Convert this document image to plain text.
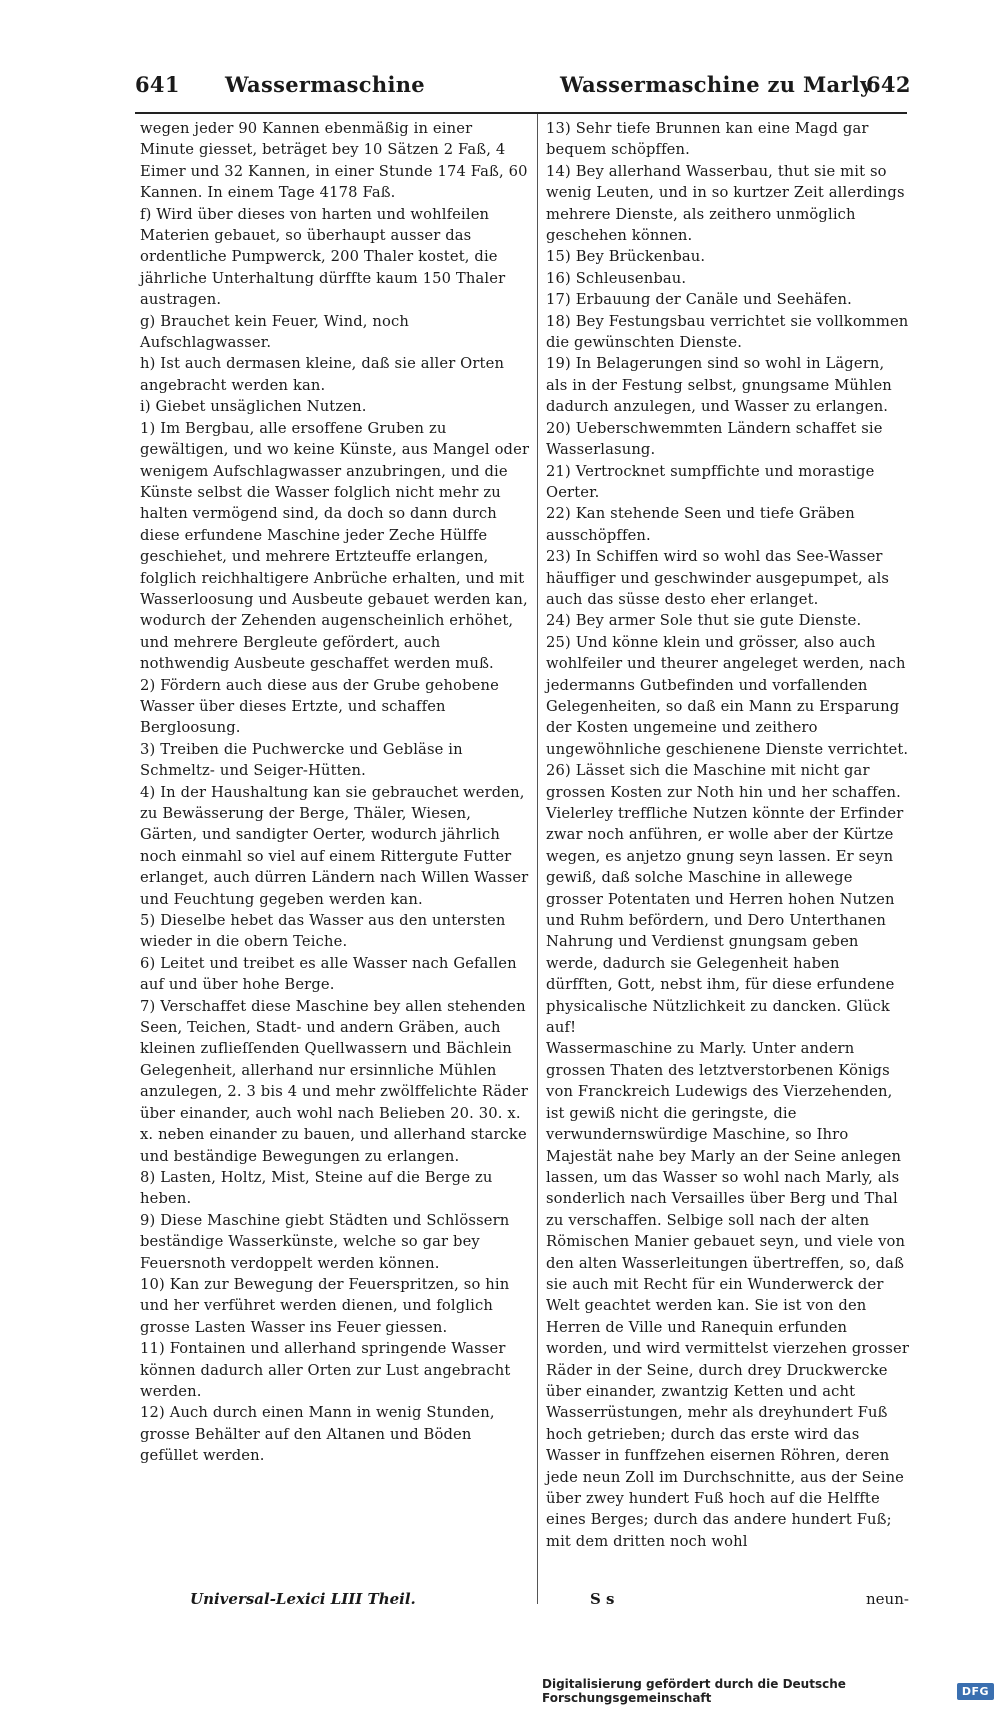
641 Wassermaschine	Wassermaschine zu Marly
642

wegen jeder 90 Kannen ebenmäßig in einer Minute giesset, beträget bey 10 Sätzen 2 Faß, 4 Eimer und 32 Kannen, in einer Stunde 174 Faß, 60 Kannen. In einem Tage 4178 Faß.

f) Wird über dieses von harten und wohlfeilen Materien gebauet, so überhaupt ausser das ordentliche Pumpwerck, 200 Thaler kostet, die jährliche Unterhaltung dürffte kaum 150 Thaler austragen.

g) Brauchet kein Feuer, Wind, noch Aufschlagwasser.

h) Ist auch dermasen kleine, daß sie aller Orten angebracht werden kan.

i) Giebet unsäglichen Nutzen.

1) Im Bergbau, alle ersoffene Gruben zu gewältigen, und wo keine Künste, aus Mangel oder wenigem Aufschlagwasser anzubringen, und die Künste selbst die Wasser folglich nicht mehr zu halten vermögend sind, da doch so dann durch diese erfundene Maschine jeder Zeche Hülffe geschiehet, und mehrere Ertzteuffe erlangen, folglich reichhaltigere Anbrüche erhalten, und mit Wasserloosung und Ausbeute gebauet werden kan, wodurch der Zehenden augenscheinlich erhöhet, und mehrere Bergleute gefördert, auch nothwendig Ausbeute geschaffet werden muß.

2) Fördern auch diese aus der Grube gehobene Wasser über dieses Ertzte, und schaffen Bergloosung.

3) Treiben die Puchwercke und Gebläse in Schmeltz- und Seiger-Hütten.

4) In der Haushaltung kan sie gebrauchet werden, zu Bewässerung der Berge, Thäler, Wiesen, Gärten, und sandigter Oerter, wodurch jährlich noch einmahl so viel auf einem Rittergute Futter erlanget, auch dürren Ländern nach Willen Wasser und Feuchtung gegeben werden kan.

5) Dieselbe hebet das Wasser aus den untersten wieder in die obern Teiche.

6) Leitet und treibet es alle Wasser nach Gefallen auf und über hohe Berge.

7) Verschaffet diese Maschine bey allen stehenden Seen, Teichen, Stadt- und andern Gräben, auch kleinen zuflieſſenden Quellwassern und Bächlein Gelegenheit, allerhand nur ersinnliche Mühlen anzulegen, 2. 3 bis 4 und mehr zwölffelichte Räder über einander, auch wohl nach Belieben 20. 30. x. x. neben einander zu bauen, und allerhand starcke und beständige Bewegungen zu erlangen.

8) Lasten, Holtz, Mist, Steine auf die Berge zu heben.

9) Diese Maschine giebt Städten und Schlössern beständige Wasserkünste, welche so gar bey Feuersnoth verdoppelt werden können.

10) Kan zur Bewegung der Feuerspritzen, so hin und her verführet werden dienen, und folglich grosse Lasten Wasser ins Feuer giessen.

11) Fontainen und allerhand springende Wasser können dadurch aller Orten zur Lust angebracht werden.

12) Auch durch einen Mann in wenig Stunden, grosse Behälter auf den Altanen und Böden gefüllet werden.

13) Sehr tiefe Brunnen kan eine Magd gar bequem schöpffen.

14) Bey allerhand Wasserbau, thut sie mit so wenig Leuten, und in so kurtzer Zeit allerdings mehrere Dienste, als zeithero unmöglich geschehen können.

15) Bey Brückenbau.

16) Schleusenbau.

17) Erbauung der Canäle und Seehäfen.

18) Bey Festungsbau verrichtet sie vollkommen die gewünschten Dienste.

19) In Belagerungen sind so wohl in Lägern, als in der Festung selbst, gnungsame Mühlen dadurch anzulegen, und Wasser zu erlangen.

20) Ueberschwemmten Ländern schaffet sie Wasserlasung.

21) Vertrocknet sumpffichte und morastige Oerter.

22) Kan stehende Seen und tiefe Gräben ausschöpffen.

23) In Schiffen wird so wohl das See-Wasser häuffiger und geschwinder ausgepumpet, als auch das süsse desto eher erlanget.

24) Bey armer Sole thut sie gute Dienste.

25) Und könne klein und grösser, also auch wohlfeiler und theurer angeleget werden, nach jedermanns Gutbefinden und vorfallenden Gelegenheiten, so daß ein Mann zu Ersparung der Kosten ungemeine und zeithero ungewöhnliche geschienene Dienste verrichtet.

26) Lässet sich die Maschine mit nicht gar grossen Kosten zur Noth hin und her schaffen. Vielerley treffliche Nutzen könnte der Erfinder zwar noch anführen, er wolle aber der Kürtze wegen, es anjetzo gnung seyn lassen. Er seyn gewiß, daß solche Maschine in allewege grosser Potentaten und Herren hohen Nutzen und Ruhm befördern, und Dero Unterthanen Nahrung und Verdienst gnungsam geben werde, dadurch sie Gelegenheit haben dürfften, Gott, nebst ihm, für diese erfundene physicalische Nützlichkeit zu dancken. Glück auf!

Wassermaschine zu Marly. Unter andern grossen Thaten des letztverstorbenen Königs von Franckreich Ludewigs des Vierzehenden, ist gewiß nicht die geringste, die verwundernswürdige Maschine, so Ihro Majestät nahe bey Marly an der Seine anlegen lassen, um das Wasser so wohl nach Marly, als sonderlich nach Versailles über Berg und Thal zu verschaffen. Selbige soll nach der alten Römischen Manier gebauet seyn, und viele von den alten Wasserleitungen übertreffen, so, daß sie auch mit Recht für ein Wunderwerck der Welt geachtet werden kan. Sie ist von den Herren de Ville und Ranequin erfunden worden, und wird vermittelst vierzehen grosser Räder in der Seine, durch drey Druckwercke über einander, zwantzig Ketten und acht Wasserrüstungen, mehr als dreyhundert Fuß hoch getrieben; durch das erste wird das Wasser in funffzehen eisernen Röhren, deren jede neun Zoll im Durchschnitte, aus der Seine über zwey hundert Fuß hoch auf die Helffte eines Berges; durch das andere hundert Fuß; mit dem dritten noch wohl

Universal-Lexici LIII Theil.	S s	neun-
Digitalisierung gefördert durch die Deutsche Forschungsgemeinschaft	DFG
